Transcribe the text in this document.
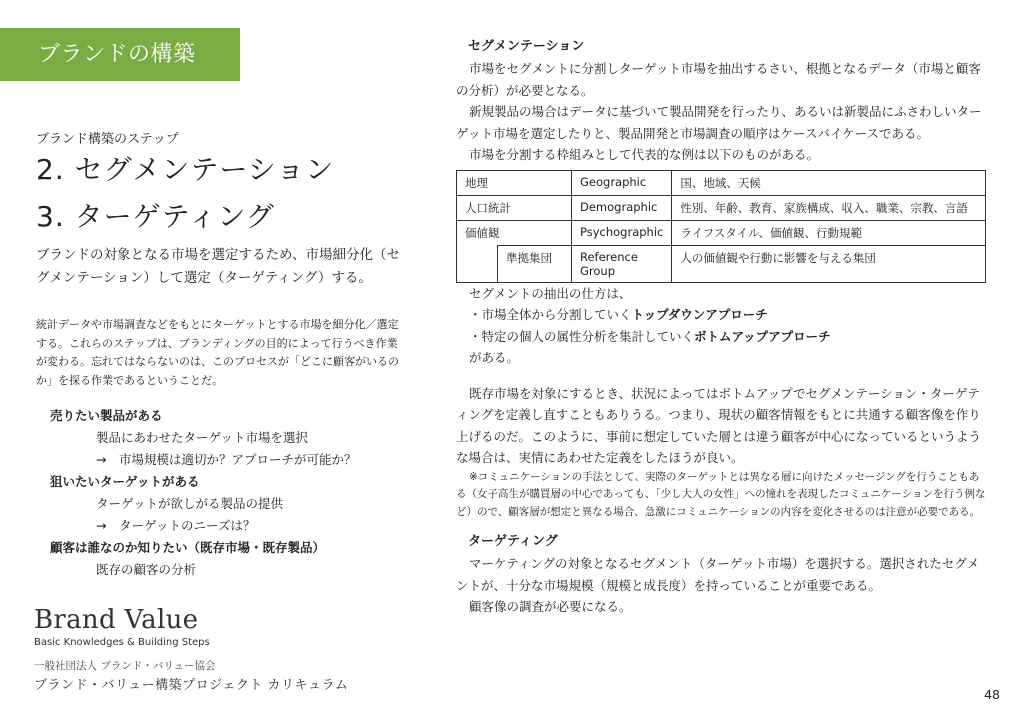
ブランドの構築
ブランド構築のステップ
2. セグメンテーション
3. ターゲティング
ブランドの対象となる市場を選定するため、市場細分化（セグメンテーション）して選定（ターゲティング）する。
統計データや市場調査などをもとにターゲットとする市場を細分化／選定する。これらのステップは、ブランディングの目的によって行うべき作業が変わる。忘れてはならないのは、このプロセスが「どこに顧客がいるのか」を探る作業であるということだ。
売りたい製品がある
製品にあわせたターゲット市場を選択
→　市場規模は適切か？アプローチが可能か？
狙いたいターゲットがある
ターゲットが欲しがる製品の提供
→　ターゲットのニーズは？
顧客は誰なのか知りたい（既存市場・既存製品）
既存の顧客の分析
Brand Value
Basic Knowledges & Building Steps
一般社団法人 ブランド・バリュー協会
ブランド・バリュー構築プロジェクト カリキュラム
セグメンテーション
市場をセグメントに分割しターゲット市場を抽出するさい、根拠となるデータ（市場と顧客の分析）が必要となる。
新規製品の場合はデータに基づいて製品開発を行ったり、あるいは新製品にふさわしいターゲット市場を選定したりと、製品開発と市場調査の順序はケースバイケースである。
市場を分割する枠組みとして代表的な例は以下のものがある。
地理		Geographic	国、地域、天候
人口統計		Demographic	性別、年齢、教育、家族構成、収入、職業、宗教、言語
価値観		Psychographic	ライフスタイル、価値観、行動規範
	準拠集団	Reference Group	人の価値観や行動に影響を与える集団
セグメントの抽出の仕方は、
・市場全体から分割していくトップダウンアプローチ
・特定の個人の属性分析を集計していくボトムアップアプローチ
がある。
既存市場を対象にするとき、状況によってはボトムアップでセグメンテーション・ターゲティングを定義し直すこともありうる。つまり、現状の顧客情報をもとに共通する顧客像を作り上げるのだ。このように、事前に想定していた層とは違う顧客が中心になっているというような場合は、実情にあわせた定義をしたほうが良い。
※コミュニケーションの手法として、実際のターゲットとは異なる層に向けたメッセージングを行うこともある（女子高生が購買層の中心であっても、「少し大人の女性」への憧れを表現したコミュニケーションを行う例など）ので、顧客層が想定と異なる場合、急激にコミュニケーションの内容を変化させるのは注意が必要である。
ターゲティング
マーケティングの対象となるセグメント（ターゲット市場）を選択する。選択されたセグメントが、十分な市場規模（規模と成長度）を持っていることが重要である。
顧客像の調査が必要になる。
48
